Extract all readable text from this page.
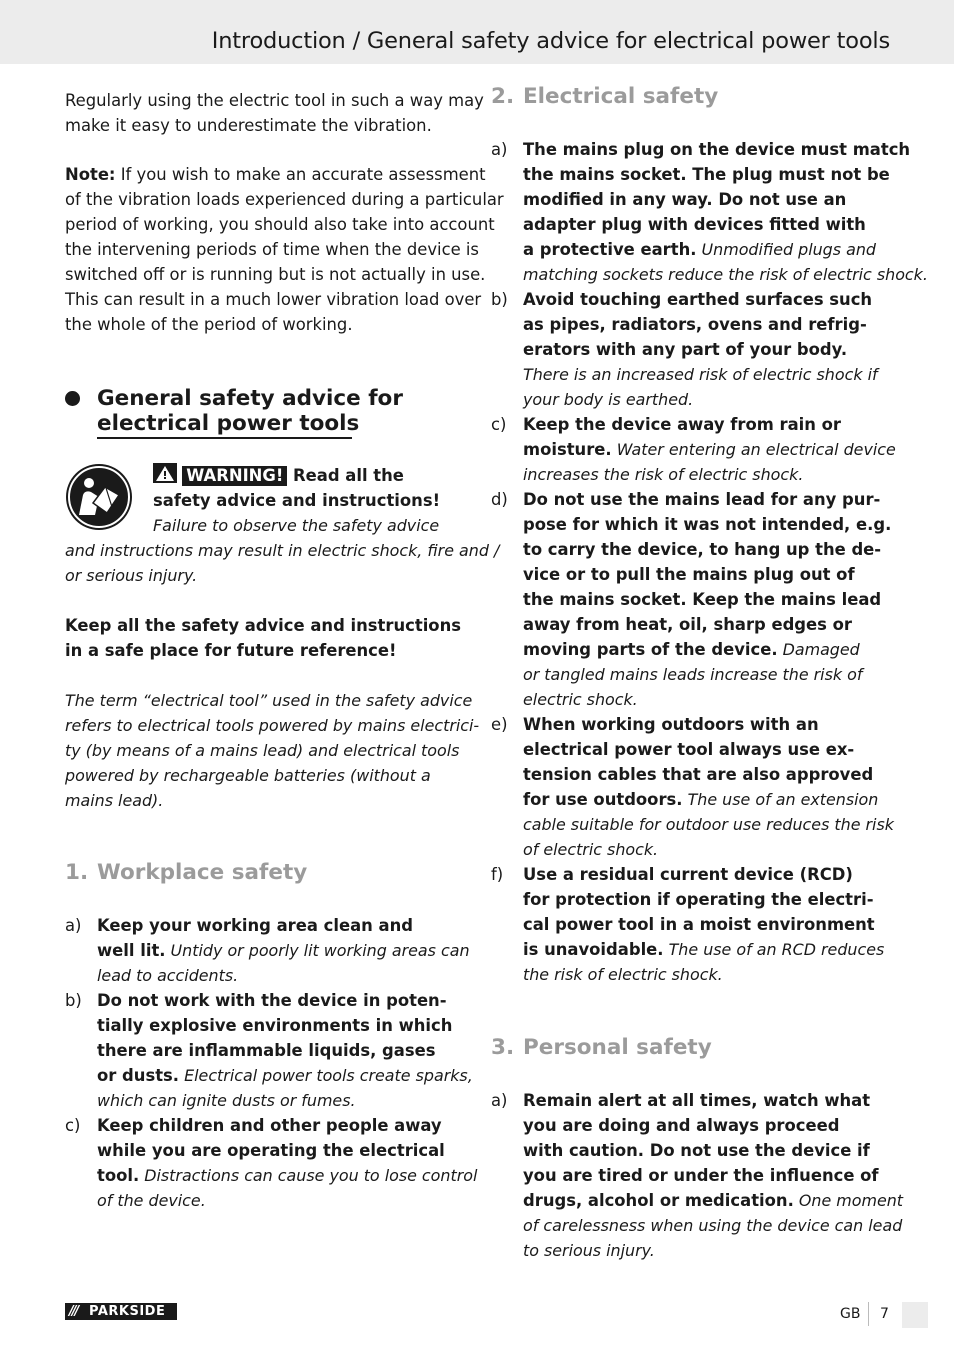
Introduction / General safety advice for electrical power tools
Regularly using the electric tool in such a way may
make it easy to underestimate the vibration.
Note: If you wish to make an accurate assessment
of the vibration loads experienced during a particular
period of working, you should also take into account
the intervening periods of time when the device is
switched off or is running but is not actually in use.
This can result in a much lower vibration load over
the whole of the period of working.
General safety advice for
electrical power tools
WARNING! Read all the
safety advice and instructions!
Failure to observe the safety advice
and instructions may result in electric shock, fire and /
or serious injury.
Keep all the safety advice and instructions
in a safe place for future reference!
The term “electrical tool” used in the safety advice
refers to electrical tools powered by mains electrici-
ty (by means of a mains lead) and electrical tools
powered by rechargeable batteries (without a
mains lead).
1. Workplace safety
a) Keep your working area clean and
well lit. Untidy or poorly lit working areas can
lead to accidents.
b) Do not work with the device in poten-
tially explosive environments in which
there are inflammable liquids, gases
or dusts. Electrical power tools create sparks,
which can ignite dusts or fumes.
c) Keep children and other people away
while you are operating the electrical
tool. Distractions can cause you to lose control
of the device.
2. Electrical safety
a) The mains plug on the device must match
the mains socket. The plug must not be
modified in any way. Do not use an
adapter plug with devices fitted with
a protective earth. Unmodified plugs and
matching sockets reduce the risk of electric shock.
b) Avoid touching earthed surfaces such
as pipes, radiators, ovens and refrig-
erators with any part of your body.
There is an increased risk of electric shock if
your body is earthed.
c) Keep the device away from rain or
moisture. Water entering an electrical device
increases the risk of electric shock.
d) Do not use the mains lead for any pur-
pose for which it was not intended, e.g.
to carry the device, to hang up the de-
vice or to pull the mains plug out of
the mains socket. Keep the mains lead
away from heat, oil, sharp edges or
moving parts of the device. Damaged
or tangled mains leads increase the risk of
electric shock.
e) When working outdoors with an
electrical power tool always use ex-
tension cables that are also approved
for use outdoors. The use of an extension
cable suitable for outdoor use reduces the risk
of electric shock.
f) Use a residual current device (RCD)
for protection if operating the electri-
cal power tool in a moist environment
is unavoidable. The use of an RCD reduces
the risk of electric shock.
3. Personal safety
a) Remain alert at all times, watch what
you are doing and always proceed
with caution. Do not use the device if
you are tired or under the influence of
drugs, alcohol or medication. One moment
of carelessness when using the device can lead
to serious injury.
/// PARKSIDE	GB 7
